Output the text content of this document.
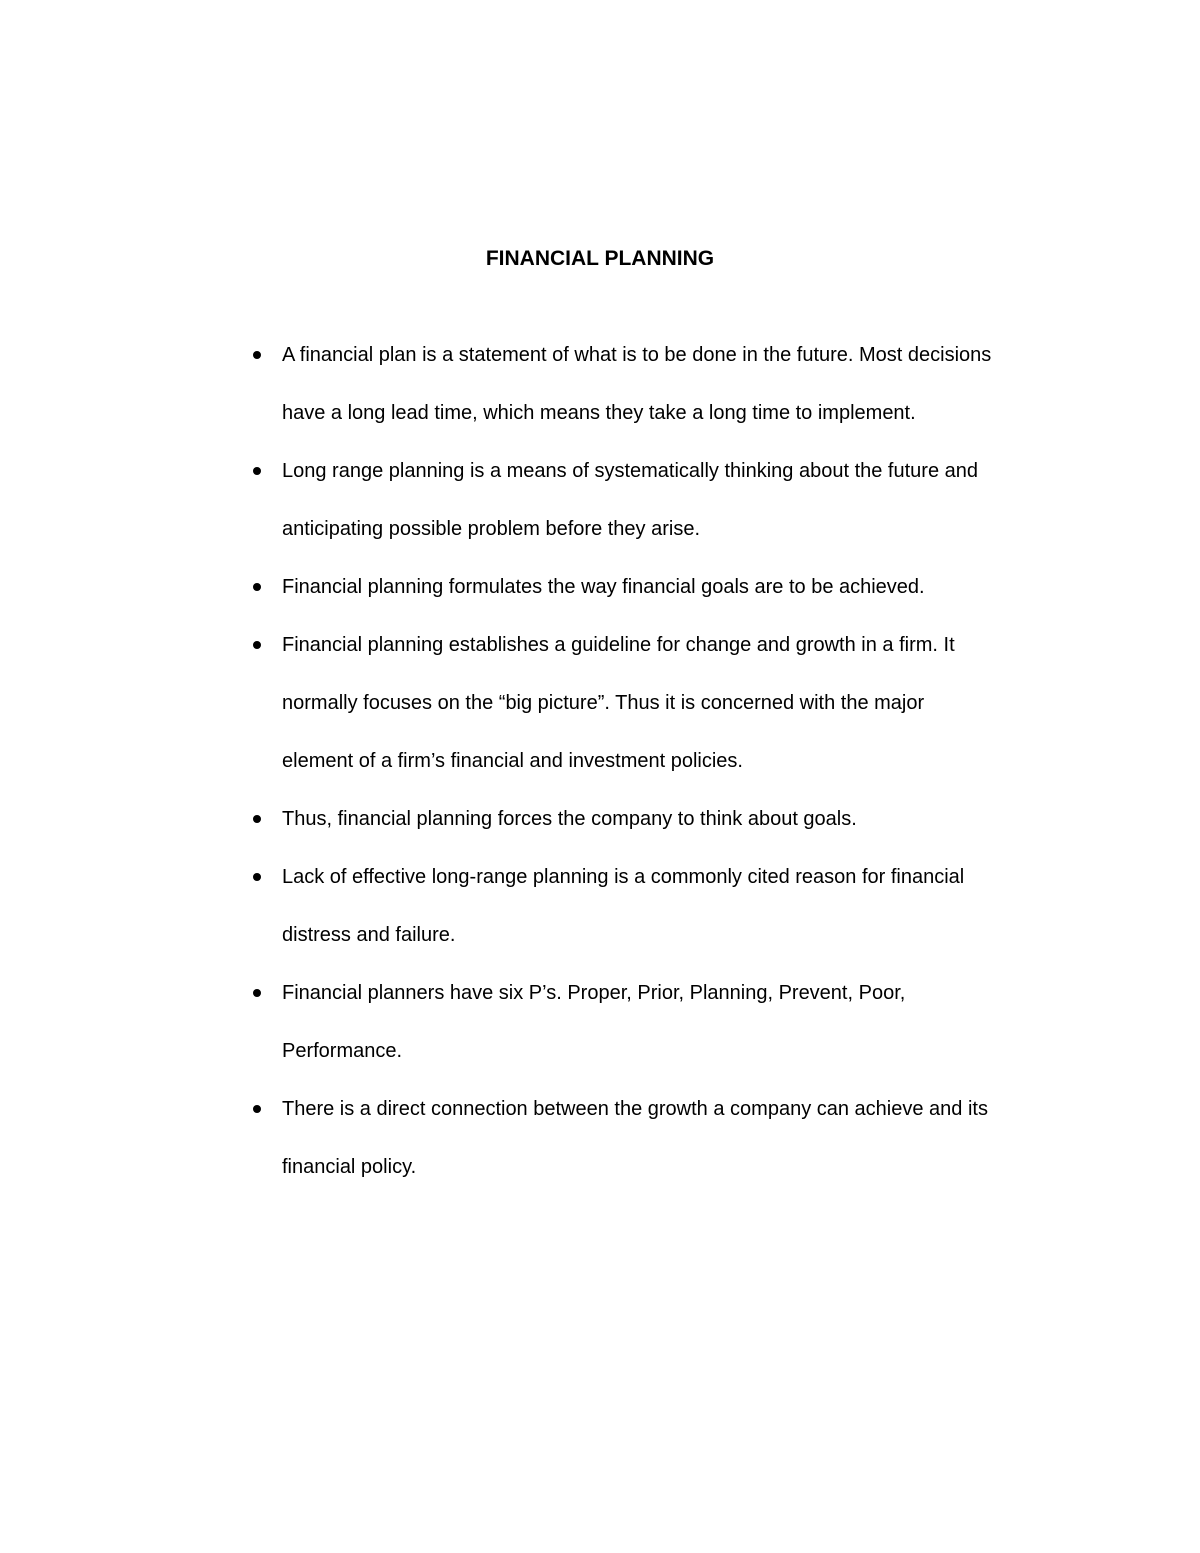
FINANCIAL PLANNING
A financial plan is a statement of what is to be done in the future. Most decisions
have a long lead time, which means they take a long time to implement.
Long range planning is a means of systematically thinking about the future and
anticipating possible problem before they arise.
Financial planning formulates the way financial goals are to be achieved.
Financial planning establishes a guideline for change and growth in a firm. It
normally focuses on the “big picture”. Thus it is concerned with the major
element of a firm’s financial and investment policies.
Thus, financial planning forces the company to think about goals.
Lack of effective long-range planning is a commonly cited reason for financial
distress and failure.
Financial planners have six P’s. Proper, Prior, Planning, Prevent, Poor,
Performance.
There is a direct connection between the growth a company can achieve and its
financial policy.
